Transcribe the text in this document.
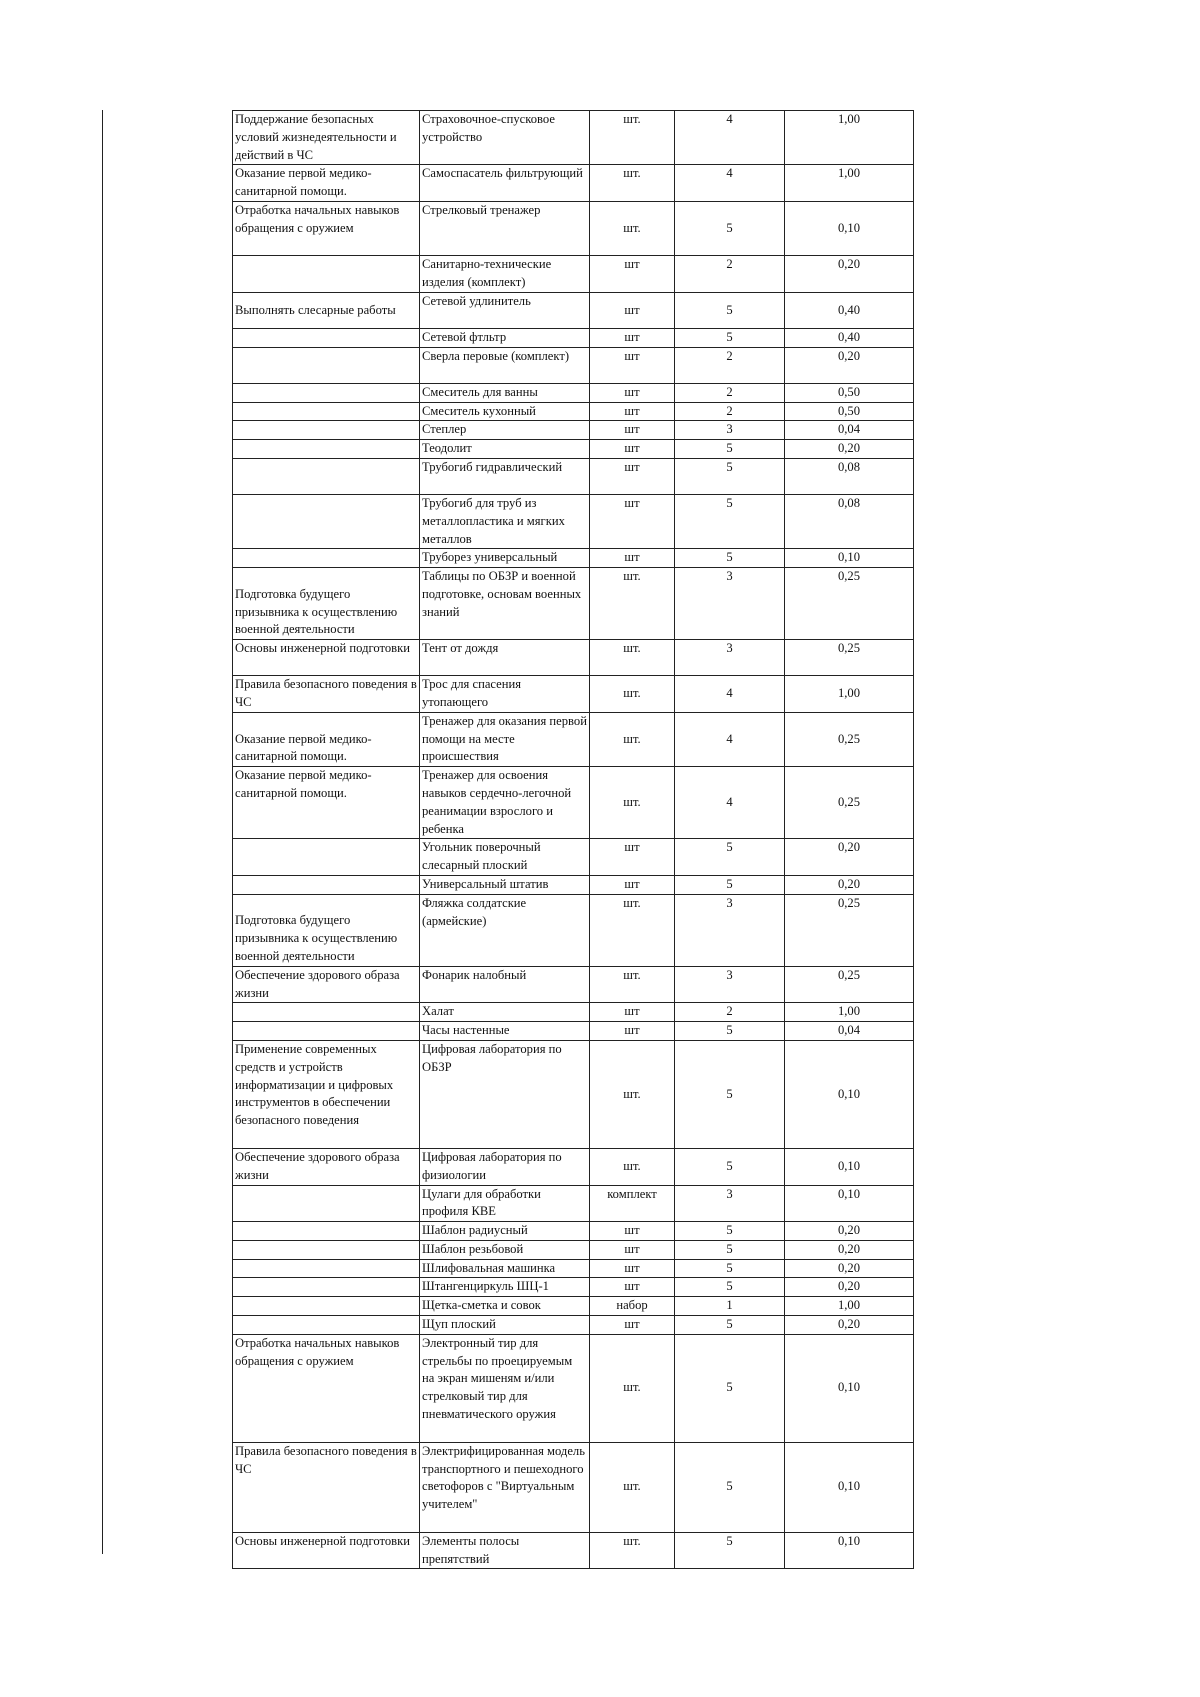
Поддержание безопасных условий жизнедеятельности и действий в ЧС	Страховочное-спусковое устройство	шт.	4	1,00
Оказание первой медико-санитарной помощи.	Самоспасатель фильтрующий	шт.	4	1,00
Отработка начальных навыков обращения с оружием	Стрелковый тренажер	шт.	5	0,10
	Санитарно-технические изделия (комплект)	шт	2	0,20
Выполнять слесарные работы	Сетевой удлинитель	шт	5	0,40
	Сетевой фтльтр	шт	5	0,40
	Сверла перовые (комплект)	шт	2	0,20
	Смеситель для ванны	шт	2	0,50
	Смеситель кухонный	шт	2	0,50
	Степлер	шт	3	0,04
	Теодолит	шт	5	0,20
	Трубогиб гидравлический	шт	5	0,08
	Трубогиб для труб из металлопластика и мягких металлов	шт	5	0,08
	Труборез универсальный	шт	5	0,10
Подготовка будущего призывника к осуществлению военной деятельности	Таблицы по ОБЗР и военной подготовке, основам военных знаний	шт.	3	0,25
Основы инженерной подготовки	Тент от дождя	шт.	3	0,25
Правила безопасного поведения в ЧС	Трос для спасения утопающего	шт.	4	1,00
Оказание первой медико-санитарной помощи.	Тренажер для оказания первой помощи на месте происшествия	шт.	4	0,25
Оказание первой медико-санитарной помощи.	Тренажер для освоения навыков сердечно-легочной реанимации взрослого и ребенка	шт.	4	0,25
	Угольник поверочный слесарный плоский	шт	5	0,20
	Универсальный штатив	шт	5	0,20
Подготовка будущего призывника к осуществлению военной деятельности	Фляжка солдатские (армейские)	шт.	3	0,25
Обеспечение здорового образа жизни	Фонарик налобный	шт.	3	0,25
	Халат	шт	2	1,00
	Часы настенные	шт	5	0,04
Применение современных средств и устройств информатизации и цифровых инструментов в обеспечении безопасного поведения	Цифровая лаборатория по ОБЗР	шт.	5	0,10
Обеспечение здорового образа жизни	Цифровая лаборатория по физиологии	шт.	5	0,10
	Цулаги для обработки профиля КВЕ	комплект	3	0,10
	Шаблон радиусный	шт	5	0,20
	Шаблон резьбовой	шт	5	0,20
	Шлифовальная машинка	шт	5	0,20
	Штангенциркуль ШЦ-1	шт	5	0,20
	Щетка-сметка и совок	набор	1	1,00
	Щуп плоский	шт	5	0,20
Отработка начальных навыков обращения с оружием	Электронный тир для стрельбы по проецируемым на экран мишеням и/или стрелковый тир для пневматического оружия	шт.	5	0,10
Правила безопасного поведения в ЧС	Электрифицированная модель транспортного и пешеходного светофоров с "Виртуальным учителем"	шт.	5	0,10
Основы инженерной подготовки	Элементы полосы препятствий	шт.	5	0,10
